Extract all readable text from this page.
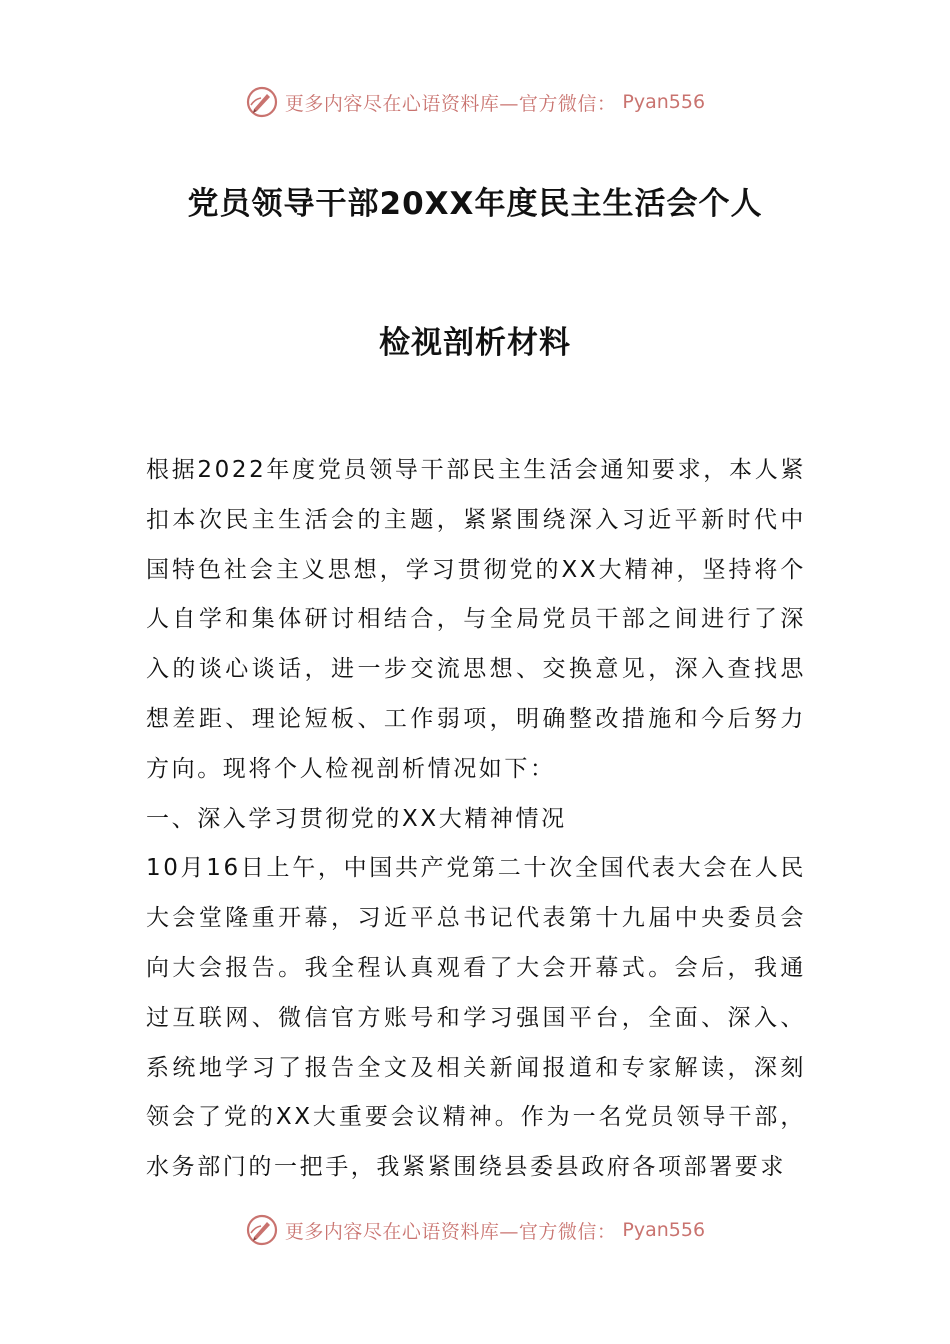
更多内容尽在心语资料库—官方微信： Pyan556
党员领导干部20XX年度民主生活会个人
检视剖析材料

根据2022年度党员领导干部民主生活会通知要求，本人紧扣本次民主生活会的主题，紧紧围绕深入习近平新时代中国特色社会主义思想，学习贯彻党的XX大精神，坚持将个人自学和集体研讨相结合，与全局党员干部之间进行了深入的谈心谈话，进一步交流思想、交换意见，深入查找思想差距、理论短板、工作弱项，明确整改措施和今后努力方向。现将个人检视剖析情况如下：

一、深入学习贯彻党的XX大精神情况

10月16日上午，中国共产党第二十次全国代表大会在人民大会堂隆重开幕，习近平总书记代表第十九届中央委员会向大会报告。我全程认真观看了大会开幕式。会后，我通过互联网、微信官方账号和学习强国平台，全面、深入、系统地学习了报告全文及相关新闻报道和专家解读，深刻领会了党的XX大重要会议精神。作为一名党员领导干部，水务部门的一把手，我紧紧围绕县委县政府各项部署要求

更多内容尽在心语资料库—官方微信： Pyan556
